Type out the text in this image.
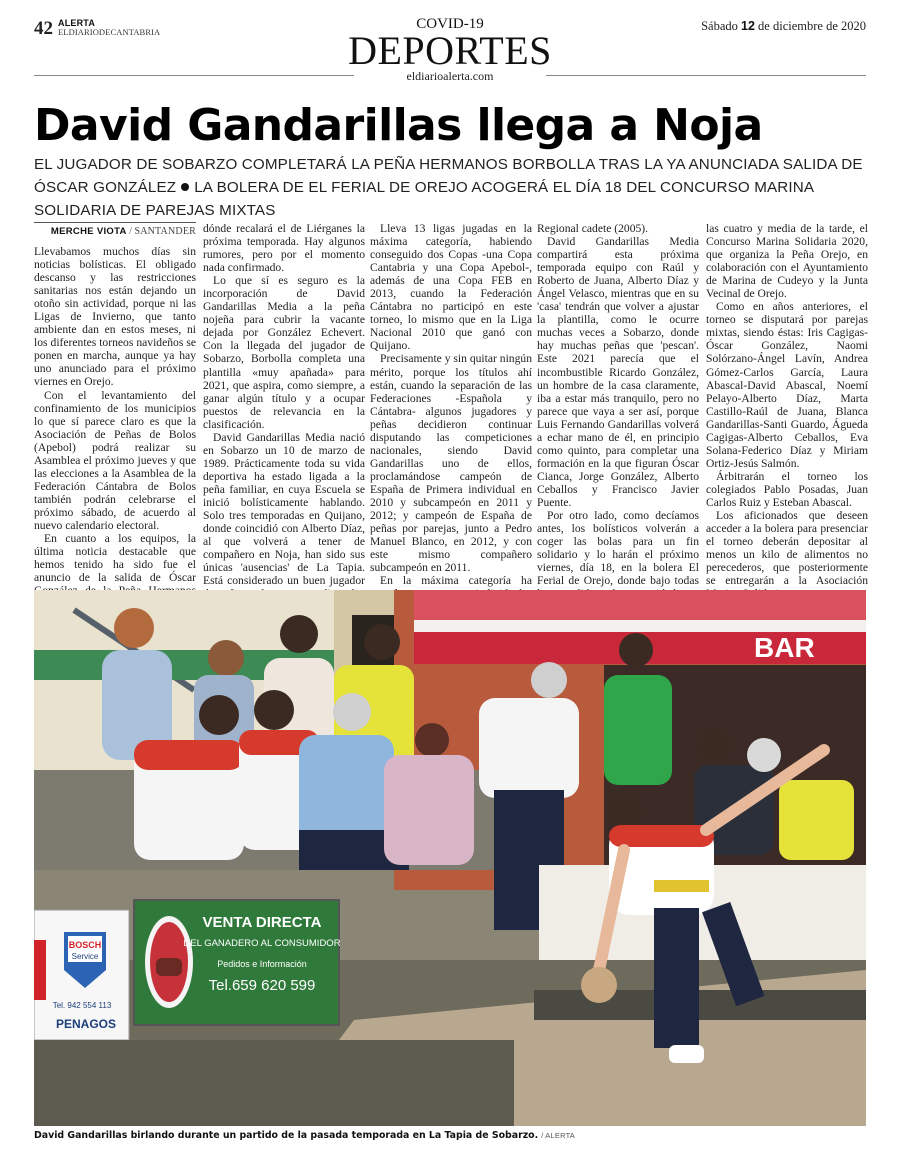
42 ALERTA
ELDIARIODECANTABRIA	COVID-19
DEPORTES
eldiarioalerta.com
Sábado 12 de diciembre de 2020
David Gandarillas llega a Noja
EL JUGADOR DE SOBARZO COMPLETARÁ LA PEÑA HERMANOS BORBOLLA TRAS LA YA ANUNCIADA SALIDA DE ÓSCAR GONZÁLEZ LA BOLERA DE EL FERIAL DE OREJO ACOGERÁ EL DÍA 18 DEL CONCURSO MARINA SOLIDARIA DE PAREJAS MIXTAS
MERCHE VIOTA / SANTANDER

Llevabamos muchos días sin noticias bolísticas. El obligado descanso y las restricciones sanitarias nos están dejando un otoño sin actividad, porque ni las Ligas de Invierno, que tanto ambiente dan en estos meses, ni los diferentes torneos navideños se ponen en marcha, aunque ya hay uno anunciado para el próximo viernes en Orejo.

Con el levantamiento del confinamiento de los municipios lo que sí parece claro es que la Asociación de Peñas de Bolos (Apebol) podrá realizar su Asamblea el próximo jueves y que las elecciones a la Asamblea de la Federación Cántabra de Bolos también podrán celebrarse el próximo sábado, de acuerdo al nuevo calendario electoral.

En cuanto a los equipos, la última noticia destacable que hemos tenido ha sido fue el anuncio de la salida de Óscar

dónde recalará el de Liérganes la próxima temporada. Hay algunos rumores, pero por el momento nada confirmado.

Lo que sí es seguro es la incorporación de David Gandarillas Media a la peña nojeña para cubrir la vacante dejada por González Echevert. Con la llegada del jugador de Sobarzo, Borbolla completa una plantilla «muy apañada» para 2021, que aspira, como siempre, a ganar algún título y a ocupar puestos de relevancia en la clasificación.

David Gandarillas Media nació en Sobarzo un 10 de marzo de 1989. Prácticamente toda su vida deportiva ha estado ligada a la peña familiar, en cuya Escuela se inició bolísticamente hablando. Solo tres temporadas en Quijano, donde coincidió con Alberto Díaz, al que volverá a tener de compañero en Noja, han sido sus únicas 'ausencias' de La Tapia. Está considerado un buen jugador

Lleva 13 ligas jugadas en la máxima categoría, habiendo conseguido dos Copas -una Copa Cantabria y una Copa Apebol-, además de una Copa FEB en 2013, cuando la Federación Cántabra no participó en este torneo, lo mismo que en la Liga Nacional 2010 que ganó con Quijano.

Precisamente y sin quitar ningún mérito, porque los títulos ahí están, cuando la separación de las Federaciones -Española y Cántabra- algunos jugadores y peñas decidieron continuar disputando las competiciones nacionales, siendo David Gandarillas uno de ellos, proclamándose campeón de España de Primera individual en 2010 y subcampeón en 2011 y 2012; y campeón de España de peñas por parejas, junto a Pedro Manuel Blanco, en 2012, y con este mismo compañero subcampeón en 2011.

En la máxima categoría ha

Regional cadete (2005).

David Gandarillas Media compartirá esta próxima temporada equipo con Raúl y Roberto de Juana, Alberto Díaz y Ángel Velasco, mientras que en su 'casa' tendrán que volver a ajustar la plantilla, como le ocurre muchas veces a Sobarzo, donde hay muchas peñas que 'pescan'. Este 2021 parecía que el incombustible Ricardo González, un hombre de la casa claramente, iba a estar más tranquilo, pero no parece que vaya a ser así, porque Luis Fernando Gandarillas volverá a echar mano de él, en principio como quinto, para completar una formación en la que figuran Óscar Cianca, Jorge González, Alberto Ceballos y Francisco Javier Puente.

Por otro lado, como decíamos antes, los bolísticos volverán a coger las bolas para un fin solidario y lo harán el próximo viernes, día 18, en la bolera El Ferial de Orejo, donde bajo todas

las cuatro y media de la tarde, el Concurso Marina Solidaria 2020, que organiza la Peña Orejo, en colaboración con el Ayuntamiento de Marina de Cudeyo y la Junta Vecinal de Orejo.

Como en años anteriores, el torneo se disputará por parejas mixtas, siendo éstas: Iris Cagigas-Óscar González, Naomi Solórzano-Ángel Lavín, Andrea Gómez-Carlos García, Laura Abascal-David Abascal, Noemí Pelayo-Alberto Díaz, Marta Castillo-Raúl de Juana, Blanca Gandarillas-Santi Guardo, Águeda Cagigas-Alberto Ceballos, Eva Solana-Federico Díaz y Miriam Ortiz-Jesús Salmón.

Árbitrarán el torneo los colegiados Pablo Posadas, Juan Carlos Ruiz y Esteban Abascal.

Los aficionados que deseen acceder a la bolera para presenciar el torneo deberán depositar al menos un kilo de alimentos no perecederos, que posteriormente se entregarán a la Asociación

BAR
BOSCH
Service
Tel. 942 554 113
PENAGOS
VENTA DIRECTA
DEL GANADERO AL CONSUMIDOR
Pedidos e Información
Tel.659 620 599
David Gandarillas birlando durante un partido de la pasada temporada en La Tapia de Sobarzo. / ALERTA
